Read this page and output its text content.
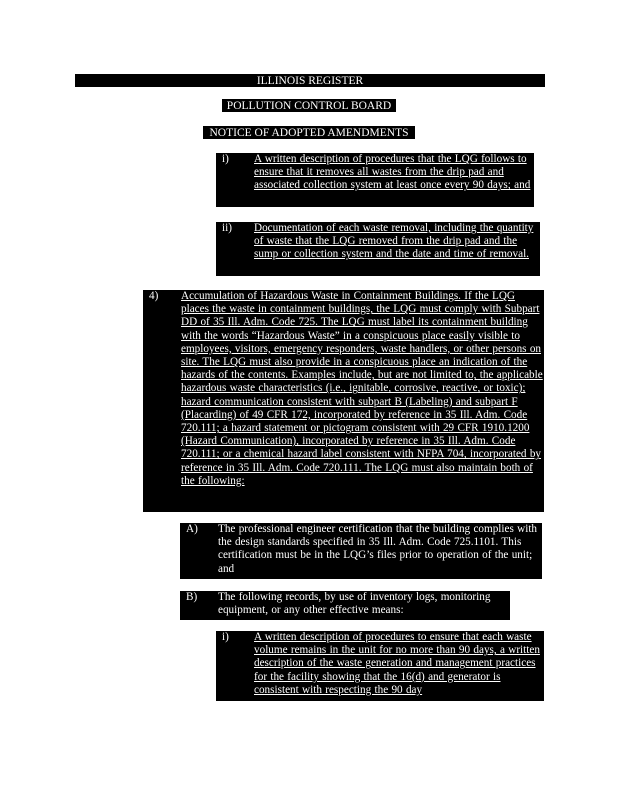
ILLINOIS REGISTER
POLLUTION CONTROL BOARD
NOTICE OF ADOPTED AMENDMENTS
i) A written description of procedures that the LQG follows to ensure that it removes all wastes from the drip pad and associated collection system at least once every 90 days; and
ii) Documentation of each waste removal, including the quantity of waste that the LQG removed from the drip pad and the sump or collection system and the date and time of removal.
4) Accumulation of Hazardous Waste in Containment Buildings. If the LQG places the waste in containment buildings, the LQG must comply with Subpart DD of 35 Ill. Adm. Code 725. The LQG must label its containment building with the words “Hazardous Waste” in a conspicuous place easily visible to employees, visitors, emergency responders, waste handlers, or other persons on site. The LQG must also provide in a conspicuous place an indication of the hazards of the contents. Examples include, but are not limited to, the applicable hazardous waste characteristics (i.e., ignitable, corrosive, reactive, or toxic); hazard communication consistent with subpart B (Labeling) and subpart F (Placarding) of 49 CFR 172, incorporated by reference in 35 Ill. Adm. Code 720.111; a hazard statement or pictogram consistent with 29 CFR 1910.1200 (Hazard Communication), incorporated by reference in 35 Ill. Adm. Code 720.111; or a chemical hazard label consistent with NFPA 704, incorporated by reference in 35 Ill. Adm. Code 720.111. The LQG must also maintain both of the following:
A) The professional engineer certification that the building complies with the design standards specified in 35 Ill. Adm. Code 725.1101. This certification must be in the LQG’s files prior to operation of the unit; and
B) The following records, by use of inventory logs, monitoring equipment, or any other effective means:
i) A written description of procedures to ensure that each waste volume remains in the unit for no more than 90 days, a written description of the waste generation and management practices for the facility showing that the 16(d) and generator is consistent with respecting the 90 day
